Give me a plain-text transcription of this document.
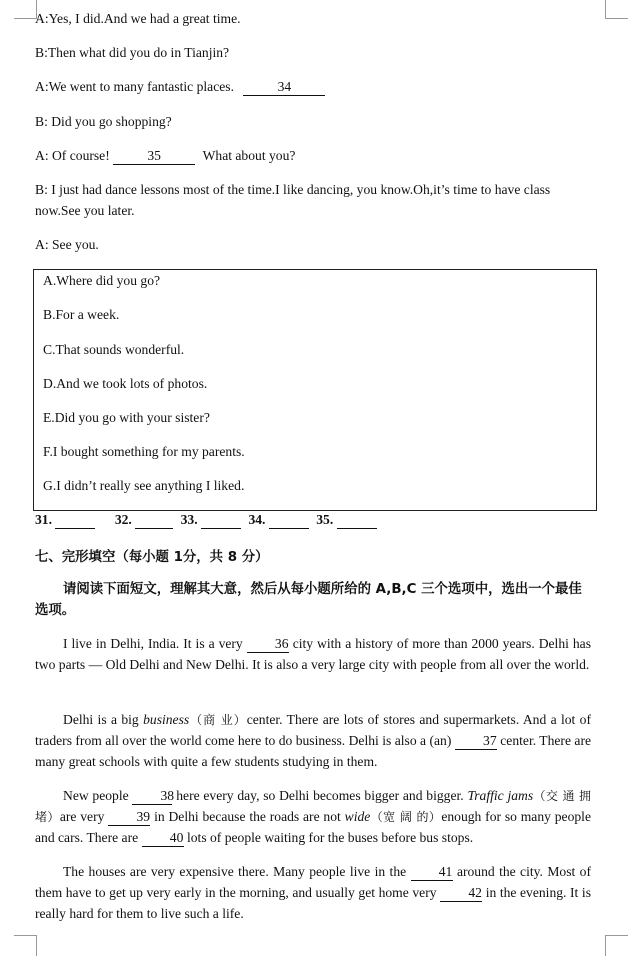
A:Yes, I did.And we had a great time.
B:Then what did you do in Tianjin?
A:We went to many fantastic places.	34
B: Did you go shopping?
A: Of course!	35	What about you?
B: I just had dance lessons most of the time.I like dancing, you know.Oh,it’s time to have class
now.See you later.
A: See you.
A.Where did you go?
B.For a week.
C.That sounds wonderful.
D.And we took lots of photos.
E.Did you go with your sister?
F.I bought something for my parents.
G.I didn’t really see anything I liked.
31.	32.	33.	34.	35.
七、完形填空（每小题 1分，共 8 分）
请阅读下面短文，理解其大意，然后从每小题所给的 A,B,C 三个选项中，选出一个最佳选项。
I live in Delhi, India. It is a very 36 city with a history of more than 2000 years. Delhi has two parts — Old Delhi and New Delhi. It is also a very large city with people from all over the world.
Delhi is a big business（商 业）center. There are lots of stores and supermarkets. And a lot of traders from all over the world come here to do business. Delhi is also a (an) 37 center. There are many great schools with quite a few students studying in them.
New people 38 here every day, so Delhi becomes bigger and bigger. Traffic jams（交 通 拥 堵）are very 39 in Delhi because the roads are not wide（宽 阔 的）enough for so many people and cars. There are 40 lots of people waiting for the buses before bus stops.
The houses are very expensive there. Many people live in the 41 around the city. Most of them have to get up very early in the morning, and usually get home very 42 in the evening. It is really hard for them to live such a life.
